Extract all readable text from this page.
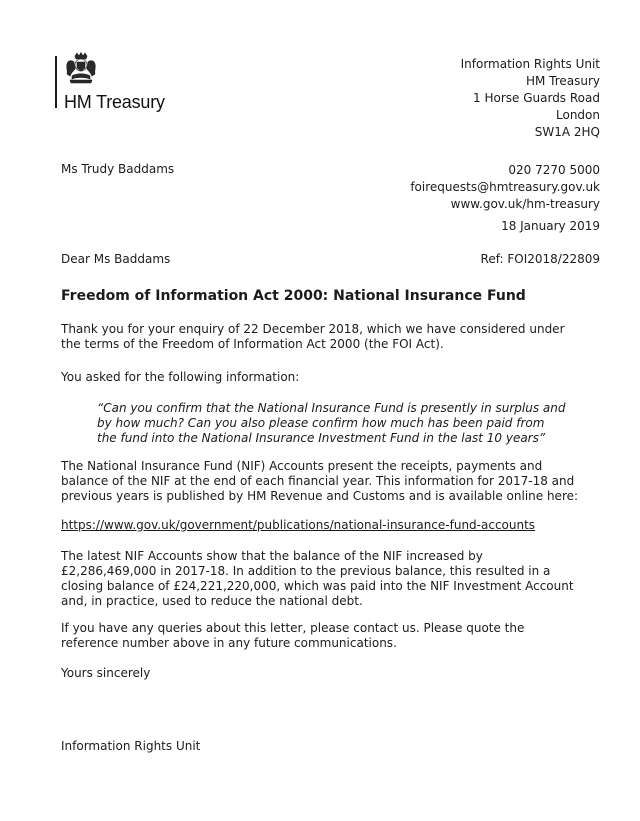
HM Treasury
Information Rights Unit
HM Treasury
1 Horse Guards Road
London
SW1A 2HQ
Ms Trudy Baddams	020 7270 5000
foirequests@hmtreasury.gov.uk
www.gov.uk/hm-treasury
18 January 2019
Dear Ms Baddams	Ref: FOI2018/22809
Freedom of Information Act 2000: National Insurance Fund

Thank you for your enquiry of 22 December 2018, which we have considered under the terms of the Freedom of Information Act 2000 (the FOI Act).

You asked for the following information:

“Can you confirm that the National Insurance Fund is presently in surplus and by how much? Can you also please confirm how much has been paid from the fund into the National Insurance Investment Fund in the last 10 years”

The National Insurance Fund (NIF) Accounts present the receipts, payments and balance of the NIF at the end of each financial year. This information for 2017-18 and previous years is published by HM Revenue and Customs and is available online here:

https://www.gov.uk/government/publications/national-insurance-fund-accounts

The latest NIF Accounts show that the balance of the NIF increased by £2,286,469,000 in 2017-18. In addition to the previous balance, this resulted in a closing balance of £24,221,220,000, which was paid into the NIF Investment Account and, in practice, used to reduce the national debt.

If you have any queries about this letter, please contact us. Please quote the reference number above in any future communications.

Yours sincerely

Information Rights Unit
